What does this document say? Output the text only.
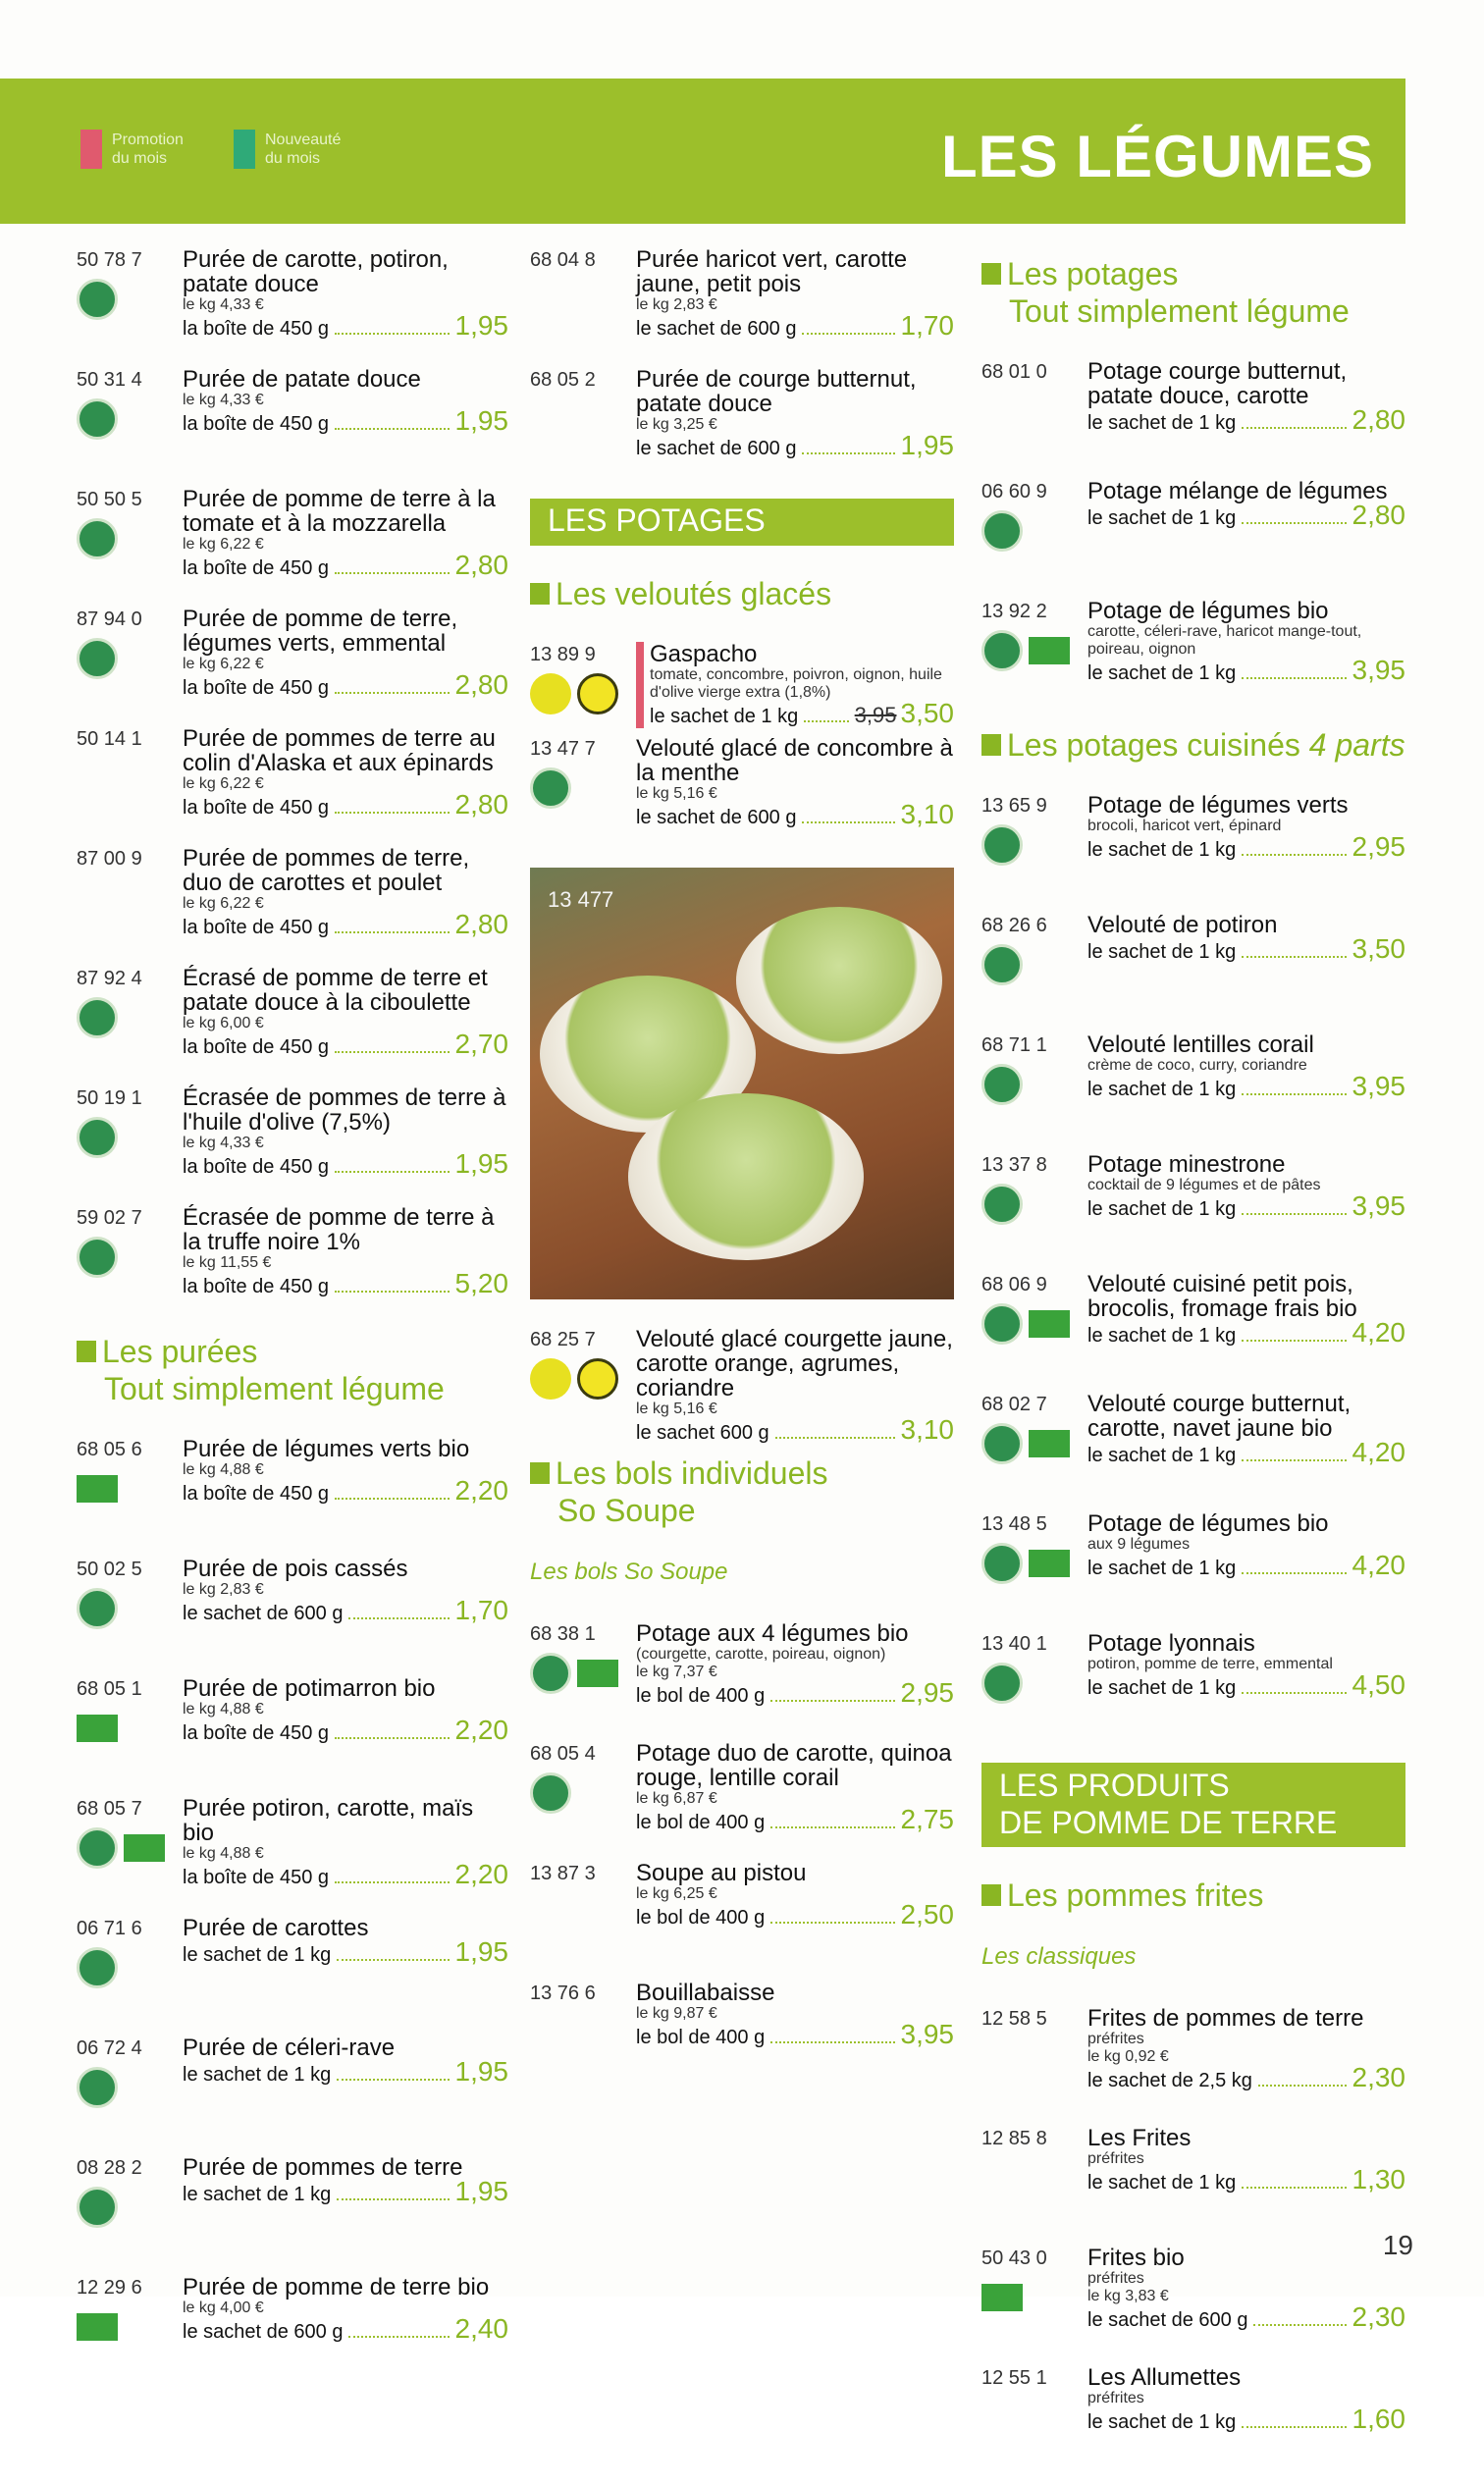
Promotion du mois
Nouveauté du mois	LES LÉGUMES
50 78 7	Purée de carotte, potiron, patate douce
le kg 4,33 €
la boîte de 450 g	1,95
50 31 4	Purée de patate douce
le kg 4,33 €
la boîte de 450 g	1,95
50 50 5	Purée de pomme de terre à la tomate et à la mozzarella
le kg 6,22 €
la boîte de 450 g	2,80
87 94 0	Purée de pomme de terre, légumes verts, emmental
le kg 6,22 €
la boîte de 450 g	2,80
50 14 1	Purée de pommes de terre au colin d'Alaska et aux épinards
le kg 6,22 €
la boîte de 450 g	2,80
87 00 9	Purée de pommes de terre, duo de carottes et poulet
le kg 6,22 €
la boîte de 450 g	2,80
87 92 4	Écrasé de pomme de terre et patate douce à la ciboulette
le kg 6,00 €
la boîte de 450 g	2,70
50 19 1	Écrasée de pommes de terre à l'huile d'olive (7,5%)
le kg 4,33 €
la boîte de 450 g	1,95
59 02 7	Écrasée de pomme de terre à la truffe noire 1%
le kg 11,55 €
la boîte de 450 g	5,20
Les purées
Tout simplement légume
68 05 6	Purée de légumes verts bio
le kg 4,88 €
la boîte de 450 g	2,20
50 02 5	Purée de pois cassés
le kg 2,83 €
le sachet de 600 g	1,70
68 05 1	Purée de potimarron bio
le kg 4,88 €
la boîte de 450 g	2,20
68 05 7	Purée potiron, carotte, maïs bio
le kg 4,88 €
la boîte de 450 g	2,20
06 71 6	Purée de carottes
le sachet de 1 kg	1,95
06 72 4	Purée de céleri-rave
le sachet de 1 kg	1,95
08 28 2	Purée de pommes de terre
le sachet de 1 kg	1,95
12 29 6	Purée de pomme de terre bio
le kg 4,00 €
le sachet de 600 g	2,40
68 04 8	Purée haricot vert, carotte jaune, petit pois
le kg 2,83 €
le sachet de 600 g	1,70
68 05 2	Purée de courge butternut, patate douce
le kg 3,25 €
le sachet de 600 g	1,95
LES POTAGES
Les veloutés glacés
13 89 9	Gaspacho
tomate, concombre, poivron, oignon, huile d'olive vierge extra (1,8%)
le sachet de 1 kg	3,95 3,50
13 47 7	Velouté glacé de concombre à la menthe
le kg 5,16 €
le sachet de 600 g	3,10
13 477
68 25 7	Velouté glacé courgette jaune, carotte orange, agrumes, coriandre
le kg 5,16 €
le sachet 600 g	3,10
Les bols individuels
So Soupe
Les bols So Soupe
68 38 1	Potage aux 4 légumes bio
(courgette, carotte, poireau, oignon)
le kg 7,37 €
le bol de 400 g	2,95
68 05 4	Potage duo de carotte, quinoa rouge, lentille corail
le kg 6,87 €
le bol de 400 g	2,75
13 87 3	Soupe au pistou
le kg 6,25 €
le bol de 400 g	2,50
13 76 6	Bouillabaisse
le kg 9,87 €
le bol de 400 g	3,95
Les potages
Tout simplement légume
68 01 0	Potage courge butternut, patate douce, carotte
le sachet de 1 kg	2,80
06 60 9	Potage mélange de légumes
le sachet de 1 kg	2,80
13 92 2	Potage de légumes bio
carotte, céleri-rave, haricot mange-tout, poireau, oignon
le sachet de 1 kg	3,95
Les potages cuisinés 4 parts
13 65 9	Potage de légumes verts
brocoli, haricot vert, épinard
le sachet de 1 kg	2,95
68 26 6	Velouté de potiron
le sachet de 1 kg	3,50
68 71 1	Velouté lentilles corail
crème de coco, curry, coriandre
le sachet de 1 kg	3,95
13 37 8	Potage minestrone
cocktail de 9 légumes et de pâtes
le sachet de 1 kg	3,95
68 06 9	Velouté cuisiné petit pois, brocolis, fromage frais bio
le sachet de 1 kg	4,20
68 02 7	Velouté courge butternut, carotte, navet jaune bio
le sachet de 1 kg	4,20
13 48 5	Potage de légumes bio
aux 9 légumes
le sachet de 1 kg	4,20
13 40 1	Potage lyonnais
potiron, pomme de terre, emmental
le sachet de 1 kg	4,50
LES PRODUITS
DE POMME DE TERRE
Les pommes frites
Les classiques
12 58 5	Frites de pommes de terre
préfrites
le kg 0,92 €
le sachet de 2,5 kg	2,30
12 85 8	Les Frites
préfrites
le sachet de 1 kg	1,30
50 43 0	Frites bio
préfrites
le kg 3,83 €
le sachet de 600 g	2,30
12 55 1	Les Allumettes
préfrites
le sachet de 1 kg	1,60
19
